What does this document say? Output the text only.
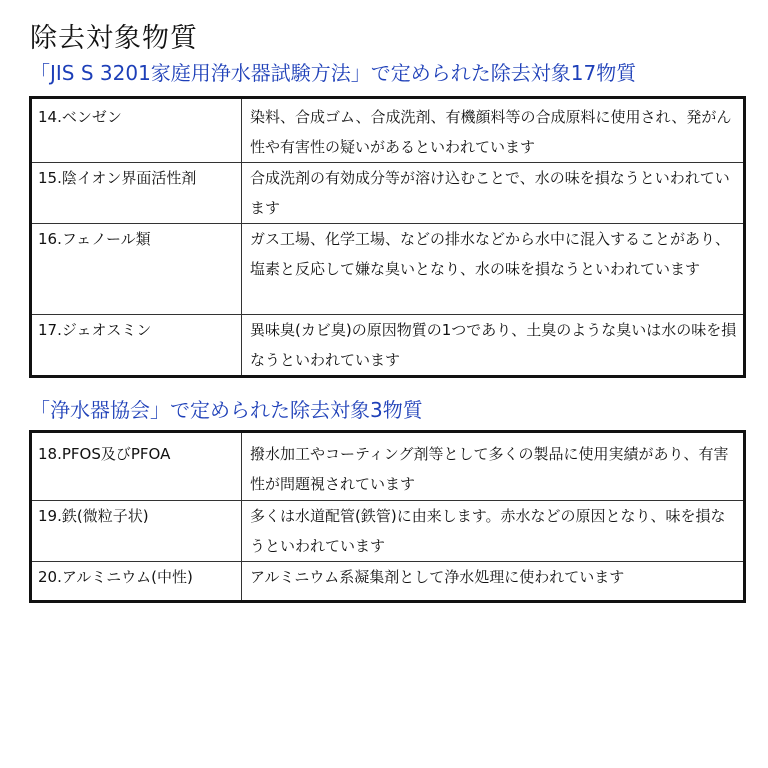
除去対象物質
「JIS S 3201家庭用浄水器試験方法」で定められた除去対象17物質
14.ベンゼン	染料、合成ゴム、合成洗剤、有機顔料等の合成原料に使用され、発がん性や有害性の疑いがあるといわれています
15.陰イオン界面活性剤	合成洗剤の有効成分等が溶け込むことで、水の味を損なうといわれています
16.フェノール類	ガス工場、化学工場、などの排水などから水中に混入することがあり、塩素と反応して嫌な臭いとなり、水の味を損なうといわれています
17.ジェオスミン	異味臭(カビ臭)の原因物質の1つであり、土臭のような臭いは水の味を損なうといわれています
「浄水器協会」で定められた除去対象3物質
18.PFOS及びPFOA	撥水加工やコーティング剤等として多くの製品に使用実績があり、有害性が問題視されています
19.鉄(微粒子状)	多くは水道配管(鉄管)に由来します。赤水などの原因となり、味を損なうといわれています
20.アルミニウム(中性)	アルミニウム系凝集剤として浄水処理に使われています
